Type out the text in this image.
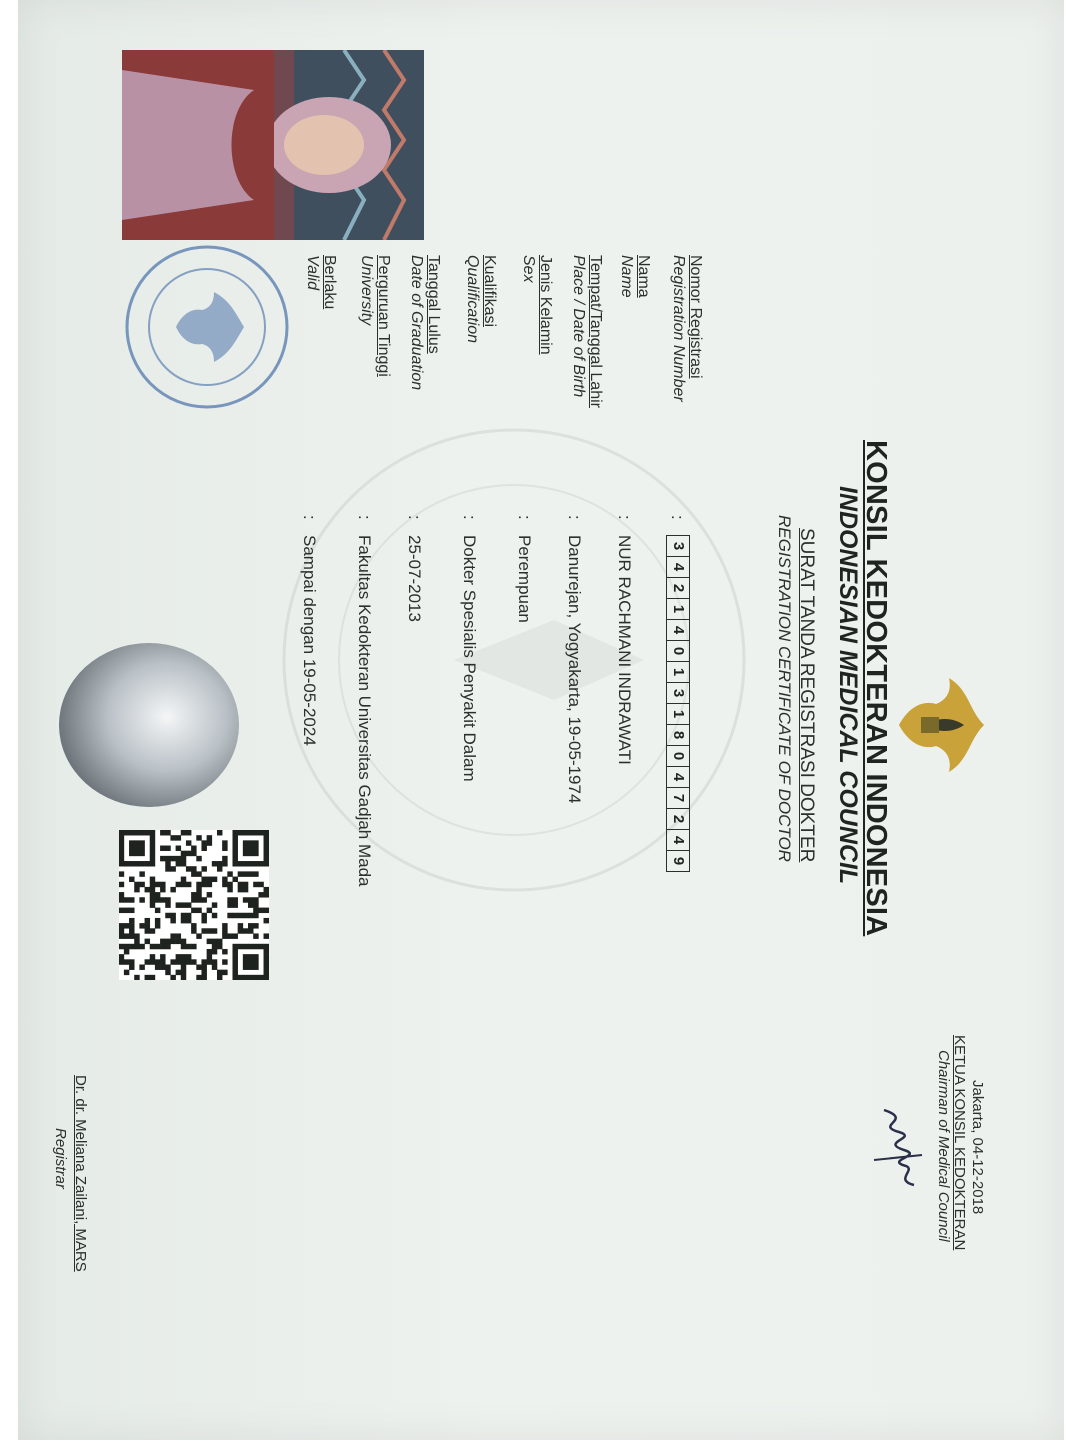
KONSIL KEDOKTERAN INDONESIA
INDONESIAN MEDICAL COUNCIL
SURAT TANDA REGISTRASI DOKTER
REGISTRATION CERTIFICATE OF DOCTOR
Nomor Registrasi
Registration Number
Nama
Name
Tempat/Tanggal Lahir
Place / Date of Birth
Jenis Kelamin
Sex
Kualifikasi
Qualification
Tanggal Lulus
Date of Graduation
Perguruan Tinggi
University
Berlaku
Valid
:
:
:
:
:
:
:
:
3
4
2
1
4
0
1
3
1
8
0
4
7
2
4
9
NUR RACHMANI INDRAWATI
Danurejan, Yogyakarta, 19-05-1974
Perempuan
Dokter Spesialis Penyakit Dalam
25-07-2013
Fakultas Kedokteran Universitas Gadjah Mada
Sampai dengan 19-05-2024
Jakarta, 04-12-2018
KETUA KONSIL KEDOKTERAN
Chairman of Medical Council
Dr. dr. Meliana Zailani, MARS
Registrar
